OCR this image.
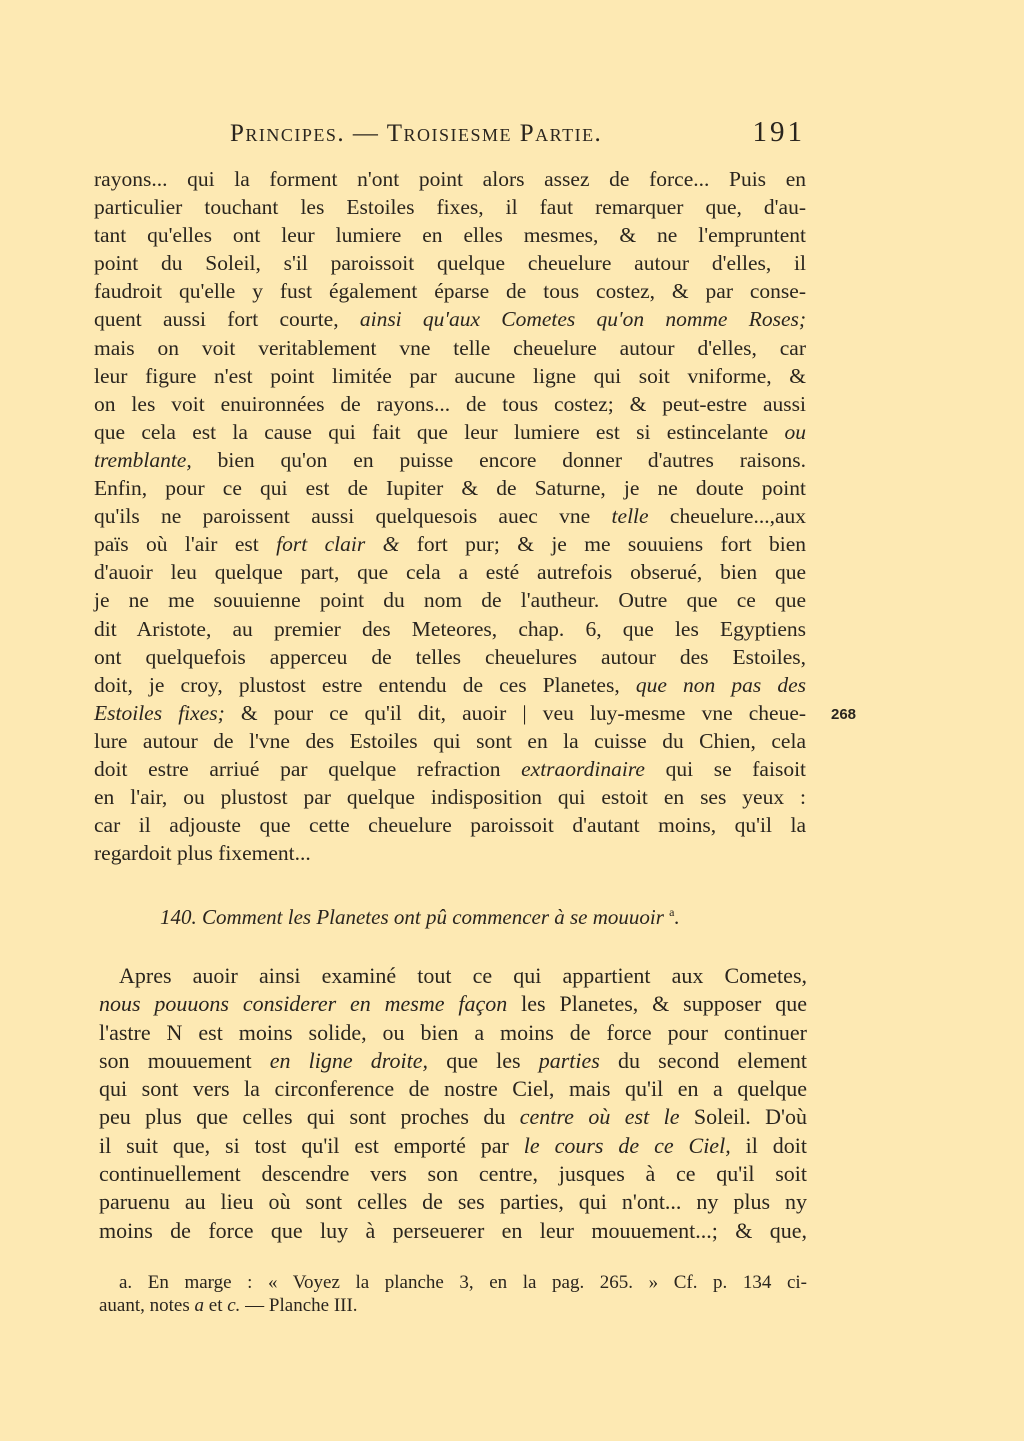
Principes. — Troisiesme Partie.	191
rayons... qui la forment n'ont point alors assez de force... Puis en
particulier touchant les Estoiles fixes, il faut remarquer que, d'au-
tant qu'elles ont leur lumiere en elles mesmes, & ne l'empruntent
point du Soleil, s'il paroissoit quelque cheuelure autour d'elles, il
faudroit qu'elle y fust également éparse de tous costez, & par conse-
quent aussi fort courte, ainsi qu'aux Cometes qu'on nomme Roses;
mais on voit veritablement vne telle cheuelure autour d'elles, car
leur figure n'est point limitée par aucune ligne qui soit vniforme, &
on les voit enuironnées de rayons... de tous costez; & peut-estre aussi
que cela est la cause qui fait que leur lumiere est si estincelante ou
tremblante, bien qu'on en puisse encore donner d'autres raisons.
Enfin, pour ce qui est de Iupiter & de Saturne, je ne doute point
qu'ils ne paroissent aussi quelquesois auec vne telle cheuelure...,aux
païs où l'air est fort clair & fort pur; & je me souuiens fort bien
d'auoir leu quelque part, que cela a esté autrefois obserué, bien que
je ne me souuienne point du nom de l'autheur. Outre que ce que
dit Aristote, au premier des Meteores, chap. 6, que les Egyptiens
ont quelquefois apperceu de telles cheuelures autour des Estoiles,
doit, je croy, plustost estre entendu de ces Planetes, que non pas des
Estoiles fixes; & pour ce qu'il dit, auoir | veu luy-mesme vne cheue-
lure autour de l'vne des Estoiles qui sont en la cuisse du Chien, cela
doit estre arriué par quelque refraction extraordinaire qui se faisoit
en l'air, ou plustost par quelque indisposition qui estoit en ses yeux :
car il adjouste que cette cheuelure paroissoit d'autant moins, qu'il la
regardoit plus fixement...
268
140. Comment les Planetes ont pû commencer à se mouuoir $^a$.
Apres auoir ainsi examiné tout ce qui appartient aux Cometes,
nous pouuons considerer en mesme façon les Planetes, & supposer que
l'astre N est moins solide, ou bien a moins de force pour continuer
son mouuement en ligne droite, que les parties du second element
qui sont vers la circonference de nostre Ciel, mais qu'il en a quelque
peu plus que celles qui sont proches du centre où est le Soleil. D'où
il suit que, si tost qu'il est emporté par le cours de ce Ciel, il doit
continuellement descendre vers son centre, jusques à ce qu'il soit
paruenu au lieu où sont celles de ses parties, qui n'ont... ny plus ny
moins de force que luy à perseuerer en leur mouuement...; & que,
a. En marge : « Voyez la planche 3, en la pag. 265. » Cf. p. 134 ci-
auant, notes a et c. — Planche III.
